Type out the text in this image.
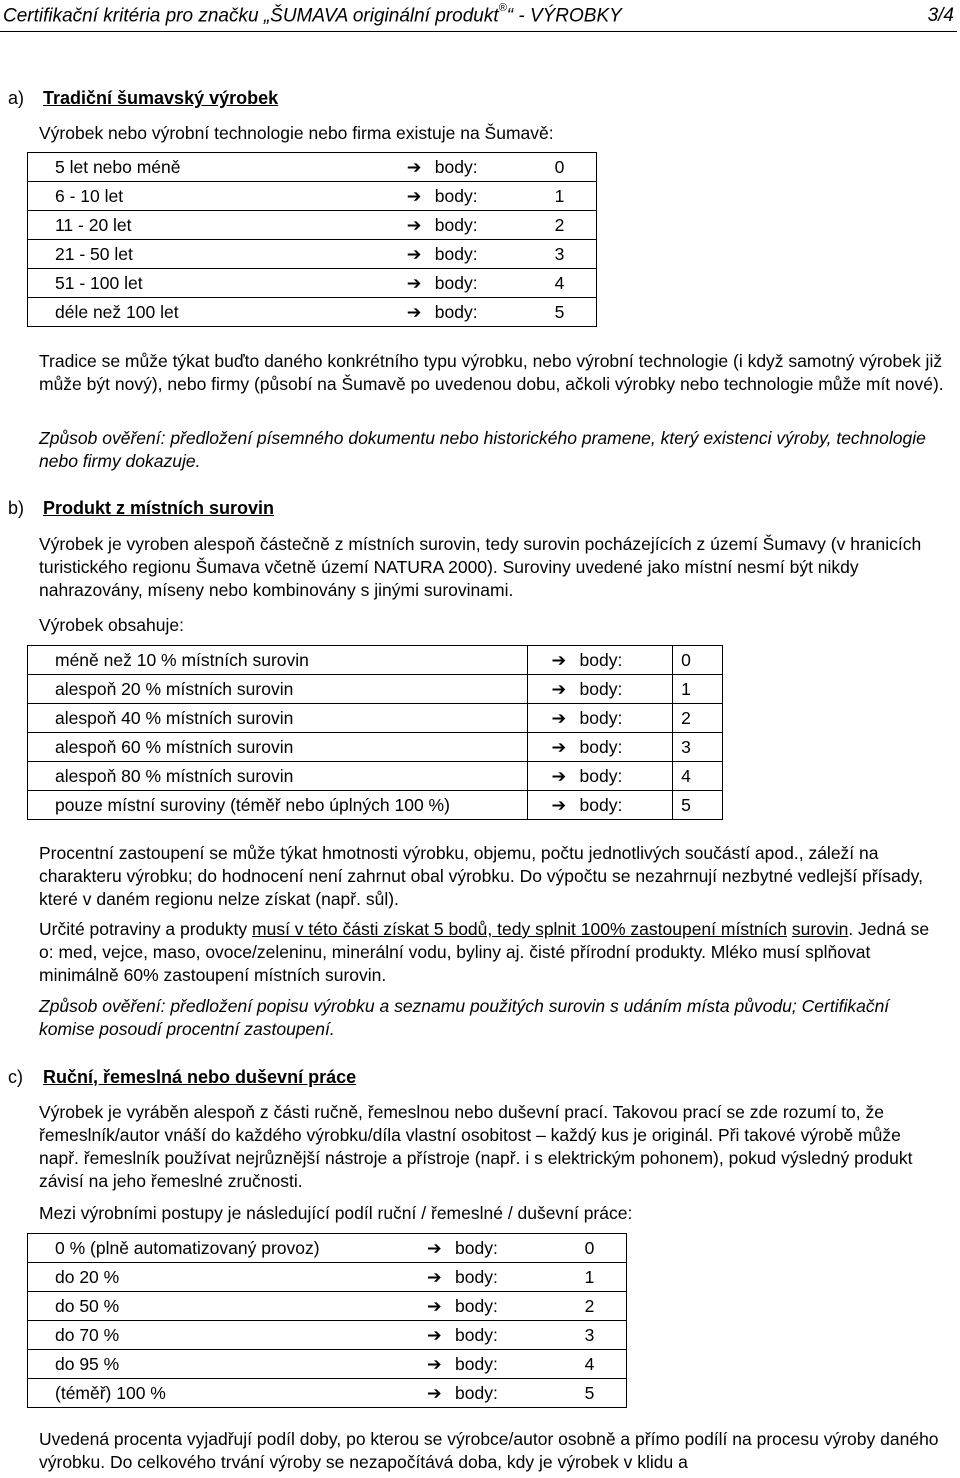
Certifikační kritéria pro značku „ŠUMAVA originální produkt®“ - VÝROBKY	3/4
a) Tradiční šumavský výrobek
Výrobek nebo výrobní technologie nebo firma existuje na Šumavě:
5 let nebo méně	➔ body:	0
6 - 10 let	➔ body:	1
11 - 20 let	➔ body:	2
21 - 50 let	➔ body:	3
51 - 100 let	➔ body:	4
déle než 100 let	➔ body:	5
Tradice se může týkat buďto daného konkrétního typu výrobku, nebo výrobní technologie (i když samotný výrobek již může být nový), nebo firmy (působí na Šumavě po uvedenou dobu, ačkoli výrobky nebo technologie může mít nové).
Způsob ověření: předložení písemného dokumentu nebo historického pramene, který existenci výroby, technologie nebo firmy dokazuje.
b) Produkt z místních surovin
Výrobek je vyroben alespoň částečně z místních surovin, tedy surovin pocházejících z území Šumavy (v hranicích turistického regionu Šumava včetně území NATURA 2000). Suroviny uvedené jako místní nesmí být nikdy nahrazovány, míseny nebo kombinovány s jinými surovinami.
Výrobek obsahuje:
méně než 10 % místních surovin	➔ body:	0
alespoň 20 % místních surovin	➔ body:	1
alespoň 40 % místních surovin	➔ body:	2
alespoň 60 % místních surovin	➔ body:	3
alespoň 80 % místních surovin	➔ body:	4
pouze místní suroviny (téměř nebo úplných 100 %)	➔ body:	5
Procentní zastoupení se může týkat hmotnosti výrobku, objemu, počtu jednotlivých součástí apod., záleží na charakteru výrobku; do hodnocení není zahrnut obal výrobku. Do výpočtu se nezahrnují nezbytné vedlejší přísady, které v daném regionu nelze získat (např. sůl).
Určité potraviny a produkty musí v této části získat 5 bodů, tedy splnit 100% zastoupení místních surovin. Jedná se o: med, vejce, maso, ovoce/zeleninu, minerální vodu, byliny aj. čisté přírodní produkty. Mléko musí splňovat minimálně 60% zastoupení místních surovin.
Způsob ověření: předložení popisu výrobku a seznamu použitých surovin s udáním místa původu; Certifikační komise posoudí procentní zastoupení.
c) Ruční, řemeslná nebo duševní práce
Výrobek je vyráběn alespoň z části ručně, řemeslnou nebo duševní prací. Takovou prací se zde rozumí to, že řemeslník/autor vnáší do každého výrobku/díla vlastní osobitost – každý kus je originál. Při takové výrobě může např. řemeslník používat nejrůznější nástroje a přístroje (např. i s elektrickým pohonem), pokud výsledný produkt závisí na jeho řemeslné zručnosti.
Mezi výrobními postupy je následující podíl ruční / řemeslné / duševní práce:
0 % (plně automatizovaný provoz)	➔ body:	0
do 20 %	➔ body:	1
do 50 %	➔ body:	2
do 70 %	➔ body:	3
do 95 %	➔ body:	4
(téměř) 100 %	➔ body:	5
Uvedená procenta vyjadřují podíl doby, po kterou se výrobce/autor osobně a přímo podílí na procesu výroby daného výrobku. Do celkového trvání výroby se nezapočítává doba, kdy je výrobek v klidu a
